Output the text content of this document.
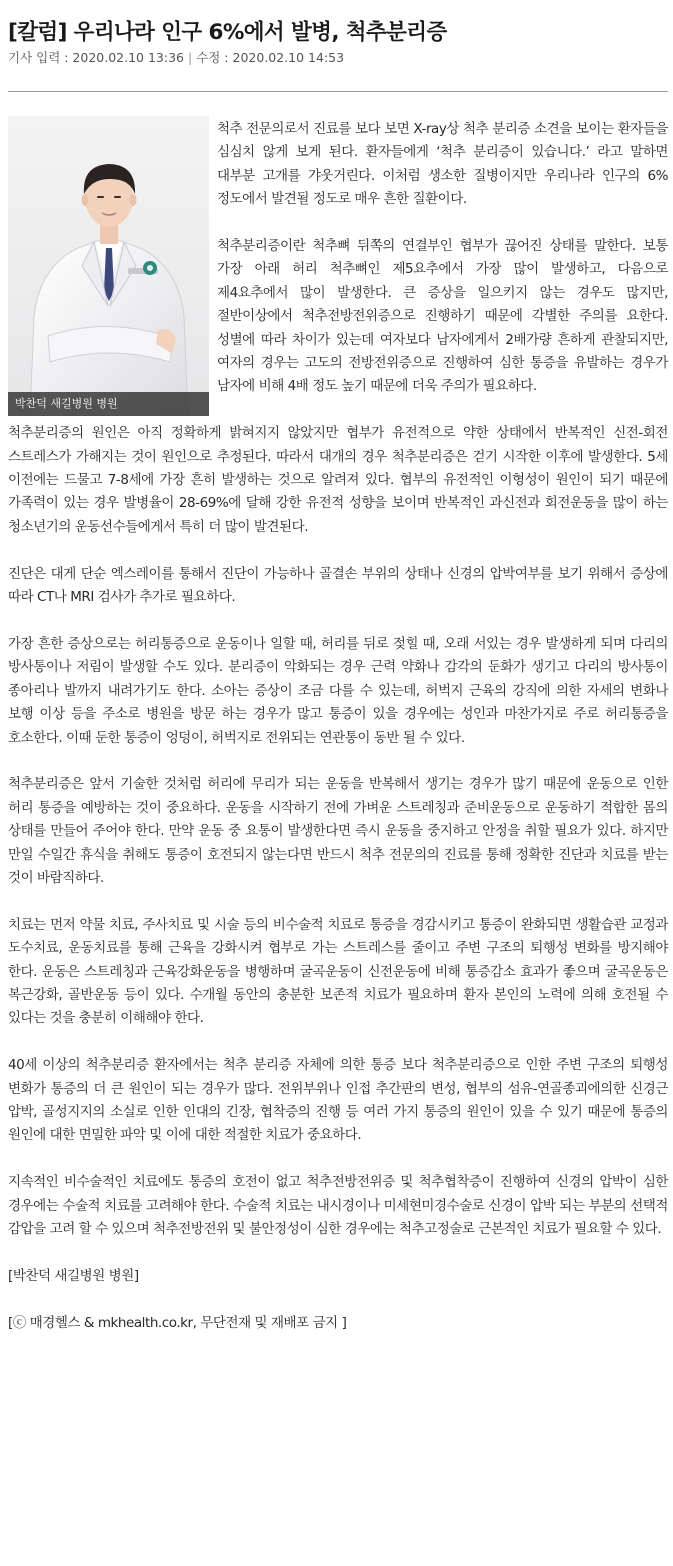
[칼럼] 우리나라 인구 6%에서 발병, 척추분리증
기사 입력 : 2020.02.10 13:36 | 수정 : 2020.02.10 14:53
박찬덕 새길병원 병원

척추 전문의로서 진료를 보다 보면 X-ray상 척추 분리증 소견을 보이는 환자들을 심심치 않게 보게 된다. 환자들에게 ‘척추 분리증이 있습니다.’ 라고 말하면 대부분 고개를 갸웃거린다. 이처럼 생소한 질병이지만 우리나라 인구의 6% 정도에서 발견될 정도로 매우 흔한 질환이다.

척추분리증이란 척추뼈 뒤쪽의 연결부인 협부가 끊어진 상태를 말한다. 보통 가장 아래 허리 척추뼈인 제5요추에서 가장 많이 발생하고, 다음으로 제4요추에서 많이 발생한다. 큰 증상을 일으키지 않는 경우도 많지만, 절반이상에서 척추전방전위증으로 진행하기 때문에 각별한 주의를 요한다. 성별에 따라 차이가 있는데 여자보다 남자에게서 2배가량 흔하게 관찰되지만, 여자의 경우는 고도의 전방전위증으로 진행하여 심한 통증을 유발하는 경우가 남자에 비해 4배 정도 높기 때문에 더욱 주의가 필요하다.

척추분리증의 원인은 아직 정확하게 밝혀지지 않았지만 협부가 유전적으로 약한 상태에서 반복적인 신전-회전 스트레스가 가해지는 것이 원인으로 추정된다. 따라서 대개의 경우 척추분리증은 걷기 시작한 이후에 발생한다. 5세 이전에는 드물고 7-8세에 가장 흔히 발생하는 것으로 알려져 있다. 협부의 유전적인 이형성이 원인이 되기 때문에 가족력이 있는 경우 발병율이 28-69%에 달해 강한 유전적 성향을 보이며 반복적인 과신전과 회전운동을 많이 하는 청소년기의 운동선수들에게서 특히 더 많이 발견된다.

진단은 대게 단순 엑스레이를 통해서 진단이 가능하나 골결손 부위의 상태나 신경의 압박여부를 보기 위해서 증상에 따라 CT나 MRI 검사가 추가로 필요하다.

가장 흔한 증상으로는 허리통증으로 운동이나 일할 때, 허리를 뒤로 젖힐 때, 오래 서있는 경우 발생하게 되며 다리의 방사통이나 저림이 발생할 수도 있다. 분리증이 악화되는 경우 근력 약화나 감각의 둔화가 생기고 다리의 방사통이 종아리나 발까지 내려가기도 한다. 소아는 증상이 조금 다를 수 있는데, 허벅지 근육의 강직에 의한 자세의 변화나 보행 이상 등을 주소로 병원을 방문 하는 경우가 많고 통증이 있을 경우에는 성인과 마찬가지로 주로 허리통증을 호소한다. 이때 둔한 통증이 엉덩이, 허벅지로 전위되는 연관통이 동반 될 수 있다.

척추분리증은 앞서 기술한 것처럼 허리에 무리가 되는 운동을 반복해서 생기는 경우가 많기 때문에 운동으로 인한 허리 통증을 예방하는 것이 중요하다. 운동을 시작하기 전에 가벼운 스트레칭과 준비운동으로 운동하기 적합한 몸의 상태를 만들어 주어야 한다. 만약 운동 중 요통이 발생한다면 즉시 운동을 중지하고 안정을 취할 필요가 있다. 하지만 만일 수일간 휴식을 취해도 통증이 호전되지 않는다면 반드시 척추 전문의의 진료를 통해 정확한 진단과 치료를 받는 것이 바람직하다.

치료는 먼저 약물 치료, 주사치료 및 시술 등의 비수술적 치료로 통증을 경감시키고 통증이 완화되면 생활습관 교정과 도수치료, 운동치료를 통해 근육을 강화시켜 협부로 가는 스트레스를 줄이고 주변 구조의 퇴행성 변화를 방지해야 한다. 운동은 스트레칭과 근육강화운동을 병행하며 굴곡운동이 신전운동에 비해 통증감소 효과가 좋으며 굴곡운동은 복근강화, 골반운동 등이 있다. 수개월 동안의 충분한 보존적 치료가 필요하며 환자 본인의 노력에 의해 호전될 수 있다는 것을 충분히 이해해야 한다.

40세 이상의 척추분리증 환자에서는 척추 분리증 자체에 의한 통증 보다 척추분리증으로 인한 주변 구조의 퇴행성 변화가 통증의 더 큰 원인이 되는 경우가 많다. 전위부위나 인접 추간판의 변성, 협부의 섬유-연골종괴에의한 신경근 압박, 골성지지의 소실로 인한 인대의 긴장, 협착증의 진행 등 여러 가지 통증의 원인이 있을 수 있기 때문에 통증의 원인에 대한 면밀한 파악 및 이에 대한 적절한 치료가 중요하다.

지속적인 비수술적인 치료에도 통증의 호전이 없고 척추전방전위증 및 척추협착증이 진행하여 신경의 압박이 심한 경우에는 수술적 치료를 고려해야 한다. 수술적 치료는 내시경이나 미세현미경수술로 신경이 압박 되는 부분의 선택적 감압을 고려 할 수 있으며 척추전방전위 및 불안정성이 심한 경우에는 척추고정술로 근본적인 치료가 필요할 수 있다.

[박찬덕 새길병원 병원]

[ⓒ 매경헬스 & mkhealth.co.kr, 무단전재 및 재배포 금지 ]
